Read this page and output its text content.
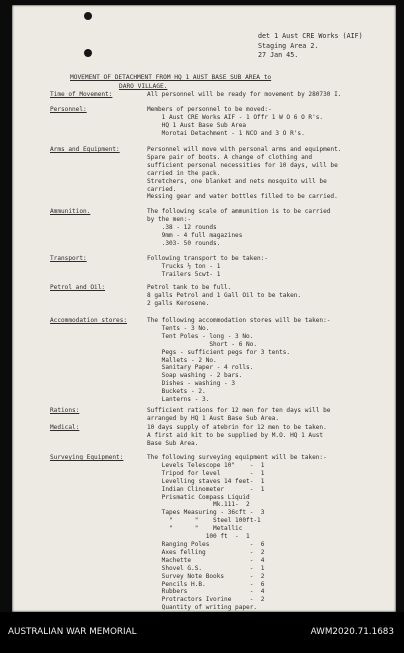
det 1 Aust CRE Works (AIF)
Staging Area 2.
27 Jan 45.
MOVEMENT OF DETACHMENT FROM HQ 1 AUST BASE SUB AREA to
DARO VILLAGE.
Time of Movement:	All personnel will be ready for movement by 280730 I.
Personnel:	Members of personnel to be moved:-
1 Aust CRE Works AIF - 1 Offr 1 W O 6 O R's.
HQ 1 Aust Base Sub Area
Morotai Detachment - 1 NCO and 3 O R's.
Arms and Equipment:	Personnel will move with personal arms and equipment.
Spare pair of boots. A change of clothing and
sufficient personal necessities for 10 days, will be
carried in the pack.
Stretchers, one blanket and nets mosquito will be
carried.
Messing gear and water bottles filled to be carried.
Ammunition.	The following scale of ammunition is to be carried
by the men:-
.38 - 12 rounds
9mm - 4 full magazines
.303- 50 rounds.
Transport:	Following transport to be taken:-
Trucks ½ ton - 1
Trailers 5cwt- 1
Petrol and Oil:	Petrol tank to be full.
8 galls Petrol and 1 Gall Oil to be taken.
2 galls Kerosene.
Accommodation stores:	The following accommodation stores will be taken:-
Tents - 3 No.
Tent Poles - long - 3 No.
Short - 6 No.
Pegs - sufficient pegs for 3 tents.
Mallets - 2 No.
Sanitary Paper - 4 rolls.
Soap washing - 2 bars.
Dishes - washing - 3
Buckets - 2.
Lanterns - 3.
Rations:	Sufficient rations for 12 men for ten days will be
arranged by HQ 1 Aust Base Sub Area.
Medical:	10 days supply of atebrin for 12 men to be taken.
A first aid kit to be supplied by M.O. HQ 1 Aust
Base Sub Area.
Surveying Equipment:	The following surveying equipment will be taken:-
Levels Telescope 10"    -  1
Tripod for level        -  1
Levelling staves 14 feet-  1
Indian Clinometer       -  1
Prismatic Compass Liquid
Mk.111-  2
Tapes Measuring - 36cft -  3
"      "    Steel 100ft-1
"      "    Metallic
100 ft  -  1
Ranging Poles           -  6
Axes felling            -  2
Machette                -  4
Shovel G.S.             -  1
Survey Note Books       -  2
Pencils H.B.            -  6
Rubbers                 -  4
Protractors Ivorine     -  2
Quantity of writing paper.
AUSTRALIAN WAR MEMORIAL	AWM2020.71.1683
